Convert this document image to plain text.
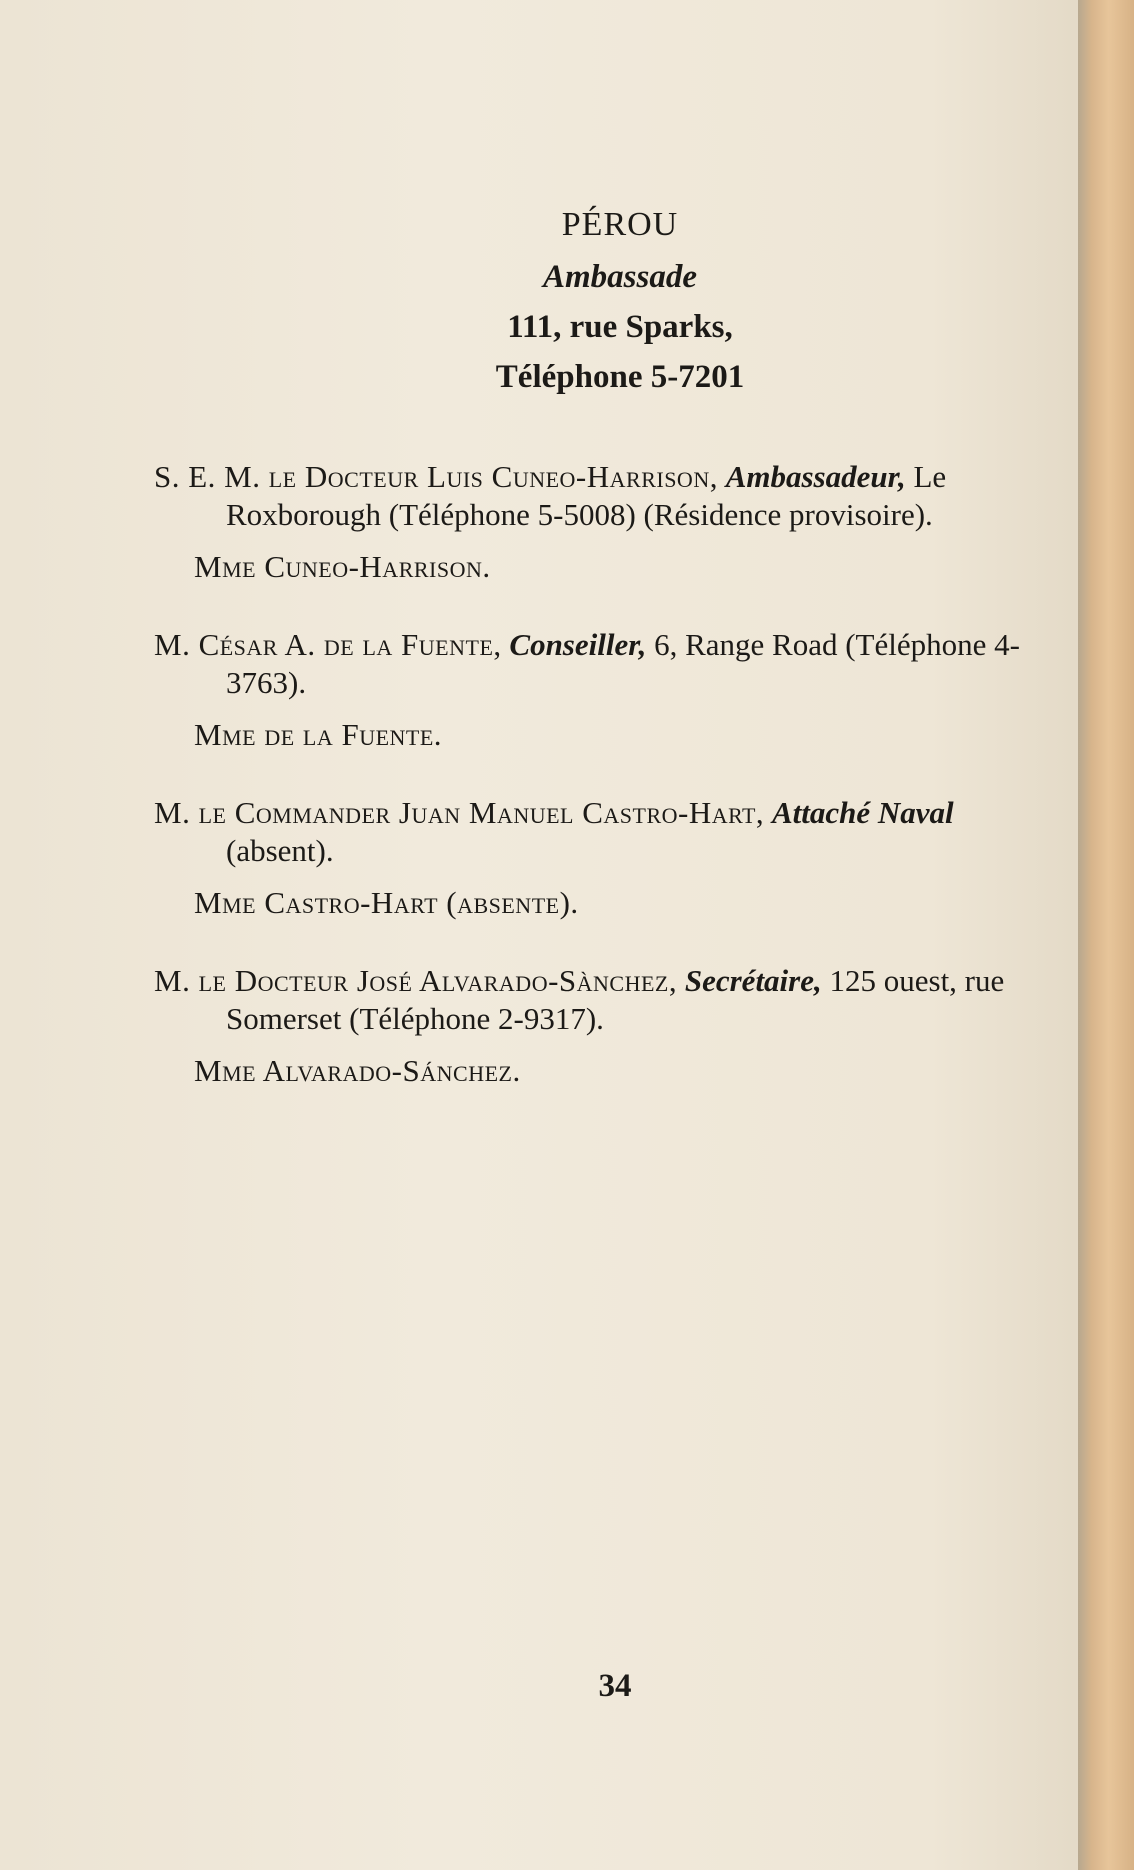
PÉROU
Ambassade
111, rue Sparks,
Téléphone 5-7201
S. E. M. le Docteur Luis Cuneo-Harrison, Ambassadeur, Le Roxborough (Téléphone 5-5008) (Résidence provisoire).
Mme Cuneo-Harrison.
M. César A. de la Fuente, Conseiller, 6, Range Road (Téléphone 4-3763).
Mme de la Fuente.
M. le Commander Juan Manuel Castro-Hart, Attaché Naval (absent).
Mme Castro-Hart (absente).
M. le Docteur José Alvarado-Sànchez, Secrétaire, 125 ouest, rue Somerset (Téléphone 2-9317).
Mme Alvarado-Sánchez.
34
